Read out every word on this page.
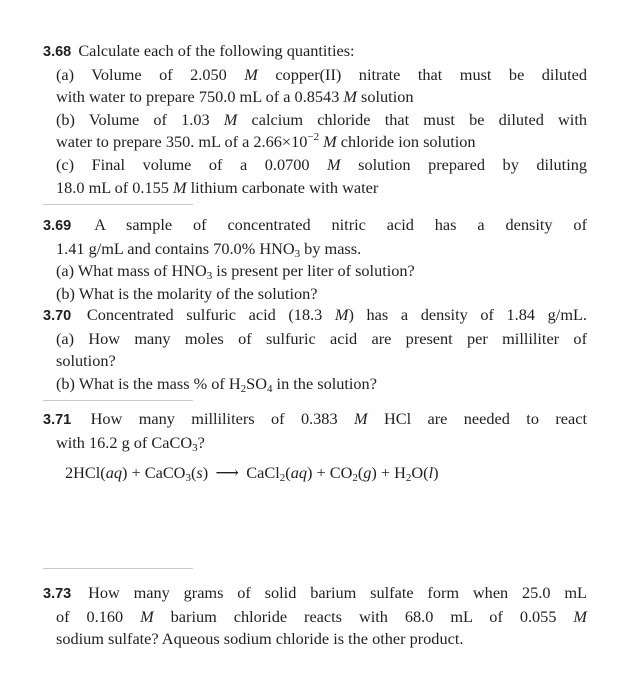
3.68 Calculate each of the following quantities:
(a) Volume of 2.050 M copper(II) nitrate that must be diluted
with water to prepare 750.0 mL of a 0.8543 M solution
(b) Volume of 1.03 M calcium chloride that must be diluted with
water to prepare 350. mL of a $2.66\times 10^{-2}$ M chloride ion solution
(c) Final volume of a 0.0700 M solution prepared by diluting
18.0 mL of 0.155 M lithium carbonate with water
3.69 A sample of concentrated nitric acid has a density of
1.41 g/mL and contains 70.0% $HNO_3$ by mass.
(a) What mass of $HNO_3$ is present per liter of solution?
(b) What is the molarity of the solution?
3.70 Concentrated sulfuric acid (18.3 M) has a density of 1.84 g/mL.
(a) How many moles of sulfuric acid are present per milliliter of
solution?
(b) What is the mass % of $H_2SO_4$ in the solution?
3.71 How many milliliters of 0.383 M HCl are needed to react
with 16.2 g of CaCO$_3$?
2HCl(aq) + CaCO$_3$(s) ⟶ CaCl$_2$(aq) + $CO_2(g) + H_2O(l)$
3.73 How many grams of solid barium sulfate form when 25.0 mL
of 0.160 M barium chloride reacts with 68.0 mL of 0.055 M
sodium sulfate? Aqueous sodium chloride is the other product.
